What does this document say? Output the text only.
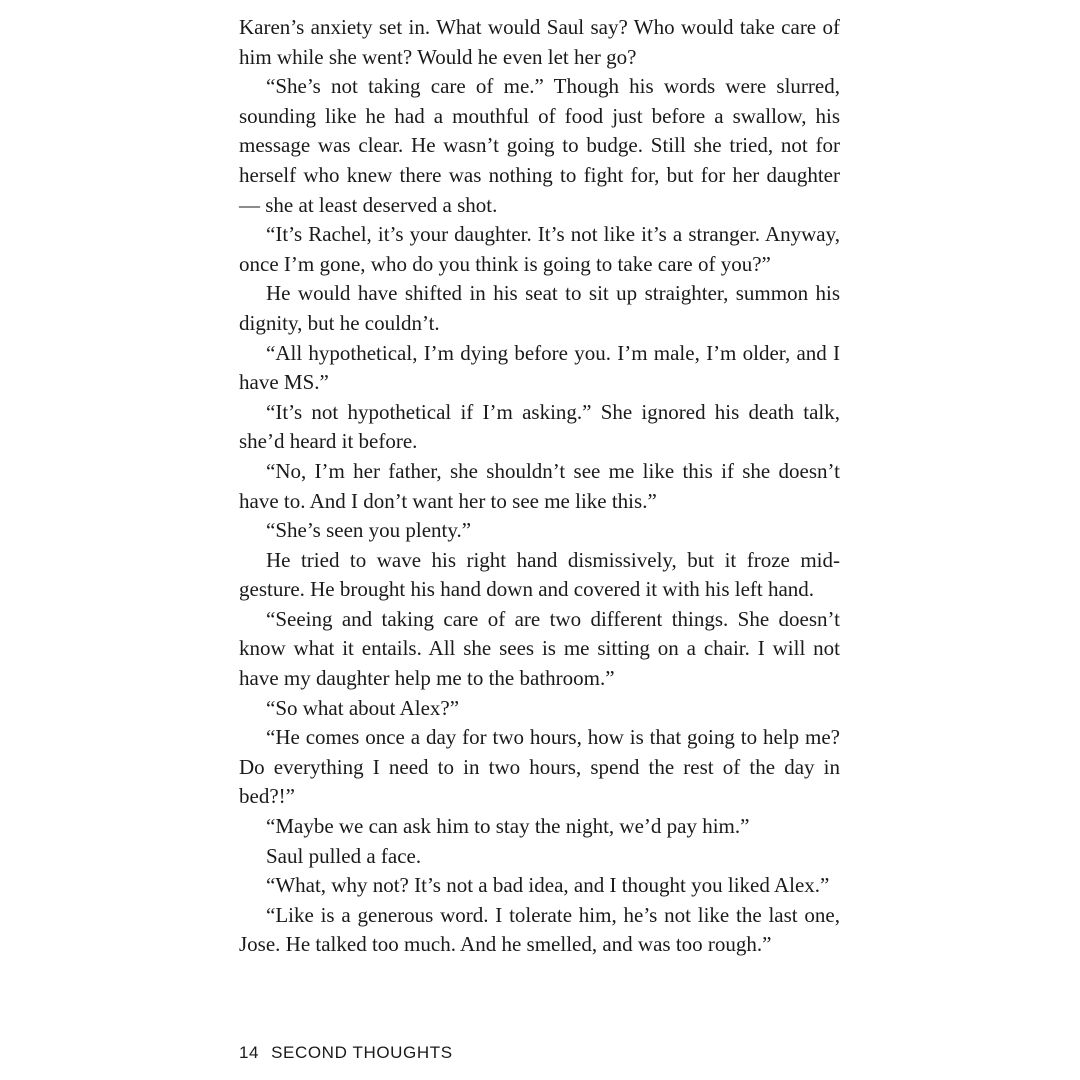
Karen’s anxiety set in. What would Saul say? Who would take care of him while she went? Would he even let her go?

“She’s not taking care of me.” Though his words were slurred, sounding like he had a mouthful of food just before a swallow, his message was clear. He wasn’t going to budge. Still she tried, not for herself who knew there was nothing to fight for, but for her daughter — she at least deserved a shot.

“It’s Rachel, it’s your daughter. It’s not like it’s a stranger. Anyway, once I’m gone, who do you think is going to take care of you?”

He would have shifted in his seat to sit up straighter, summon his dignity, but he couldn’t.

“All hypothetical, I’m dying before you. I’m male, I’m older, and I have MS.”

“It’s not hypothetical if I’m asking.” She ignored his death talk, she’d heard it before.

“No, I’m her father, she shouldn’t see me like this if she doesn’t have to. And I don’t want her to see me like this.”

“She’s seen you plenty.”

He tried to wave his right hand dismissively, but it froze midgesture. He brought his hand down and covered it with his left hand.

“Seeing and taking care of are two different things. She doesn’t know what it entails. All she sees is me sitting on a chair. I will not have my daughter help me to the bathroom.”

“So what about Alex?”

“He comes once a day for two hours, how is that going to help me? Do everything I need to in two hours, spend the rest of the day in bed?!”

“Maybe we can ask him to stay the night, we’d pay him.”

Saul pulled a face.

“What, why not? It’s not a bad idea, and I thought you liked Alex.”

“Like is a generous word. I tolerate him, he’s not like the last one, Jose. He talked too much. And he smelled, and was too rough.”

14 SECOND THOUGHTS
